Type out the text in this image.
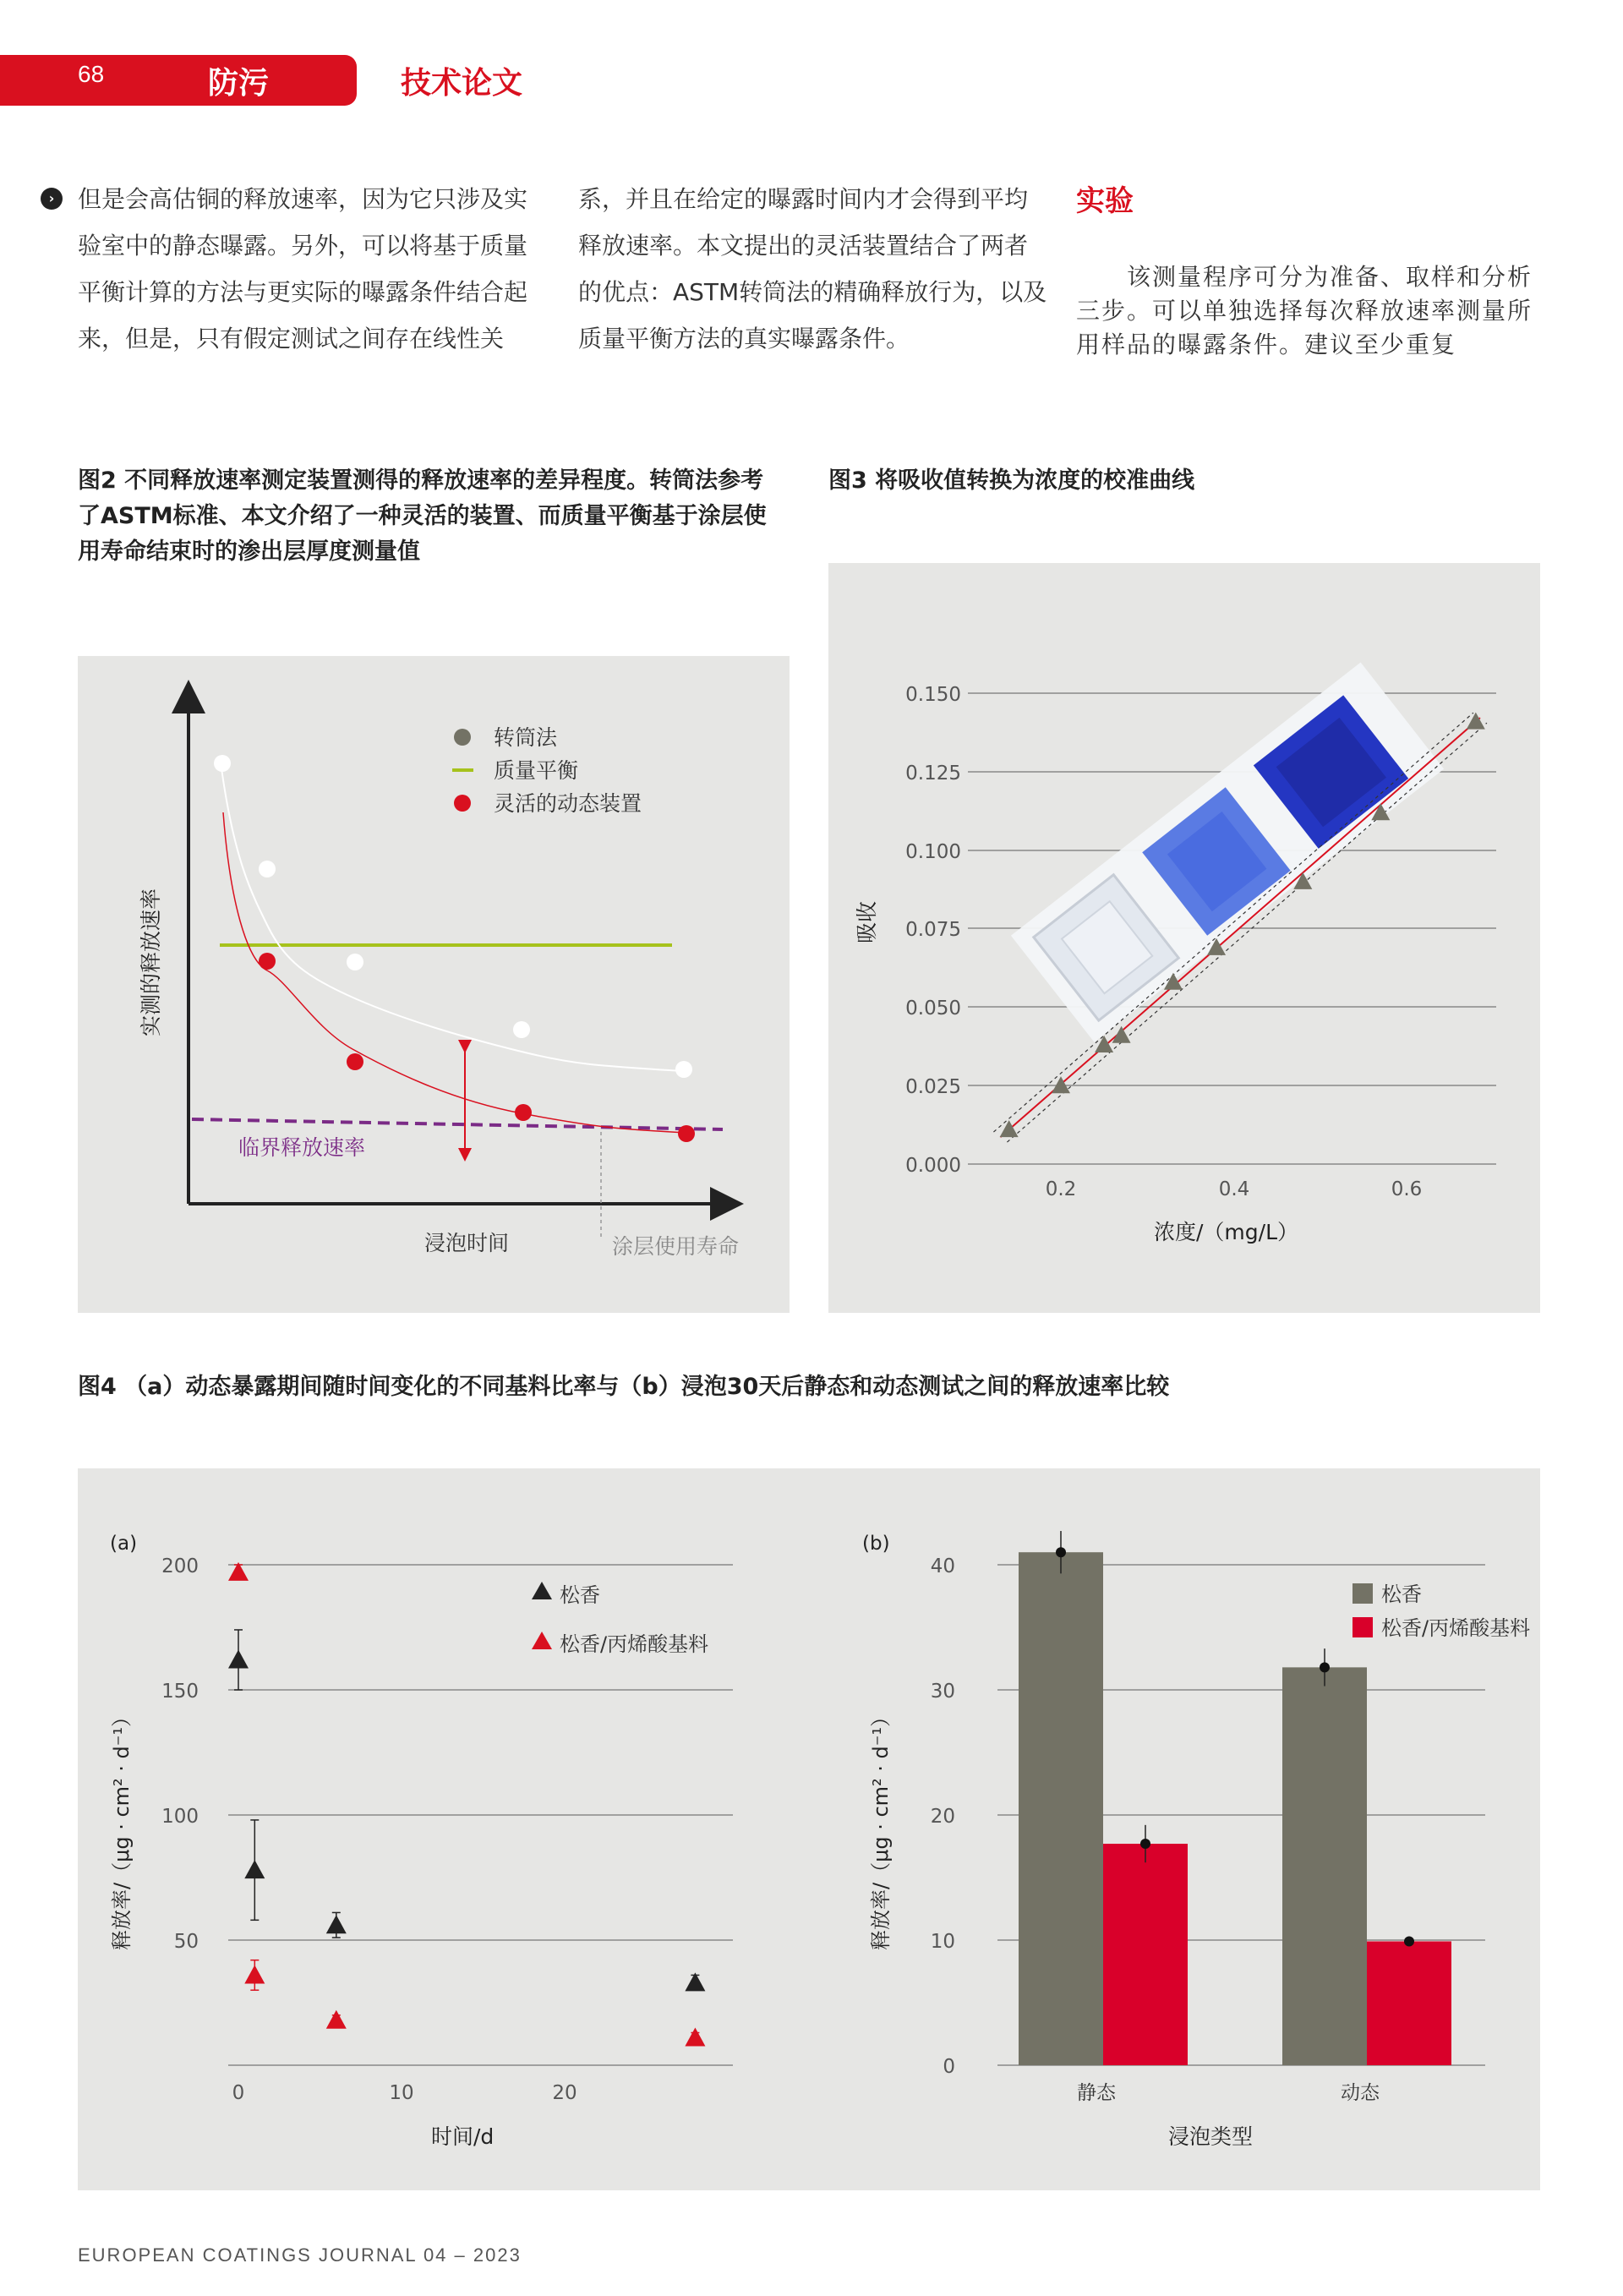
68	防污	技术论文
› 但是会高估铜的释放速率，因为它只涉及实验室中的静态曝露。另外，可以将基于质量平衡计算的方法与更实际的曝露条件结合起来，但是，只有假定测试之间存在线性关
系，并且在给定的曝露时间内才会得到平均释放速率。本文提出的灵活装置结合了两者的优点：ASTM转筒法的精确释放行为，以及质量平衡方法的真实曝露条件。
实验
该测量程序可分为准备、取样和分析三步。可以单独选择每次释放速率测量所用样品的曝露条件。建议至少重复
图2 不同释放速率测定装置测得的释放速率的差异程度。转筒法参考了ASTM标准、本文介绍了一种灵活的装置、而质量平衡基于涂层使用寿命结束时的渗出层厚度测量值
转筒法
质量平衡
灵活的动态装置
实测的释放速率
浸泡时间
临界释放速率
涂层使用寿命
图3 将吸收值转换为浓度的校准曲线
0.150
0.125
0.100
0.075
0.050
0.025
0.000
0.2	0.4	0.6
吸收
浓度/（mg/L）
图4 （a）动态暴露期间随时间变化的不同基料比率与（b）浸泡30天后静态和动态测试之间的释放速率比较
(a)
200
150
100
50
0	10	20
释放率/（μg · cm² · d⁻¹）
时间/d
松香
松香/丙烯酸基料
(b)
40
30
20
10
0
静态	动态
释放率/（μg · cm² · d⁻¹）
浸泡类型
松香
松香/丙烯酸基料
EUROPEAN COATINGS JOURNAL 04 – 2023
